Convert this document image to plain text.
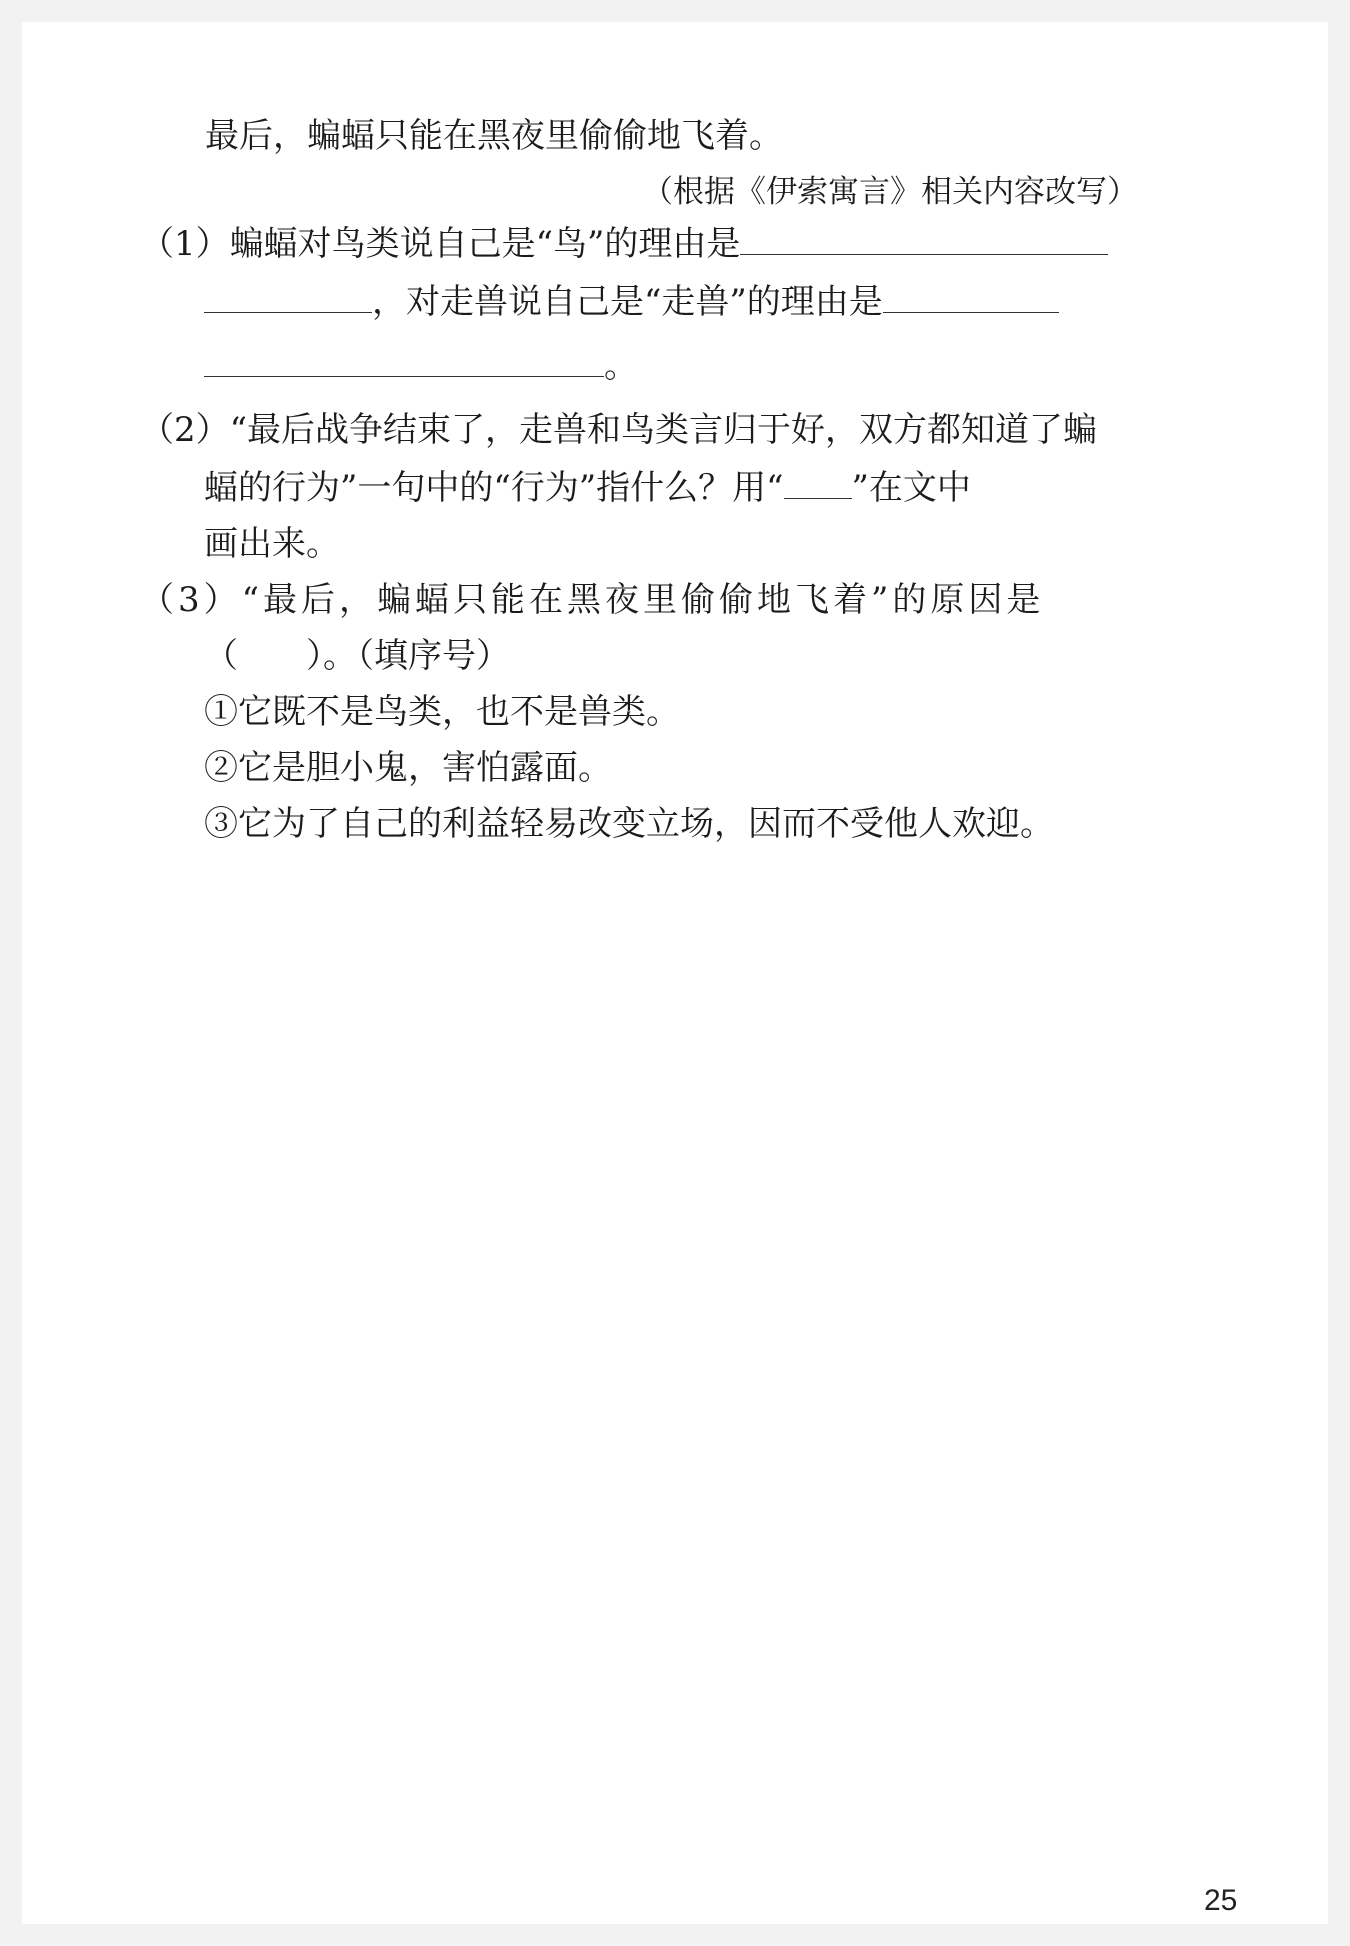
最后，蝙蝠只能在黑夜里偷偷地飞着。
（根据《伊索寓言》相关内容改写）
（1）蝙蝠对鸟类说自己是“鸟”的理由是
，对走兽说自己是“走兽”的理由是
。
（2）“最后战争结束了，走兽和鸟类言归于好，双方都知道了蝙
蝠的行为”一句中的“行为”指什么？用“ ”在文中
画出来。
（3）“最后，蝙蝠只能在黑夜里偷偷地飞着”的原因是
（　　）。（填序号）
①它既不是鸟类，也不是兽类。
②它是胆小鬼，害怕露面。
③它为了自己的利益轻易改变立场，因而不受他人欢迎。
25
